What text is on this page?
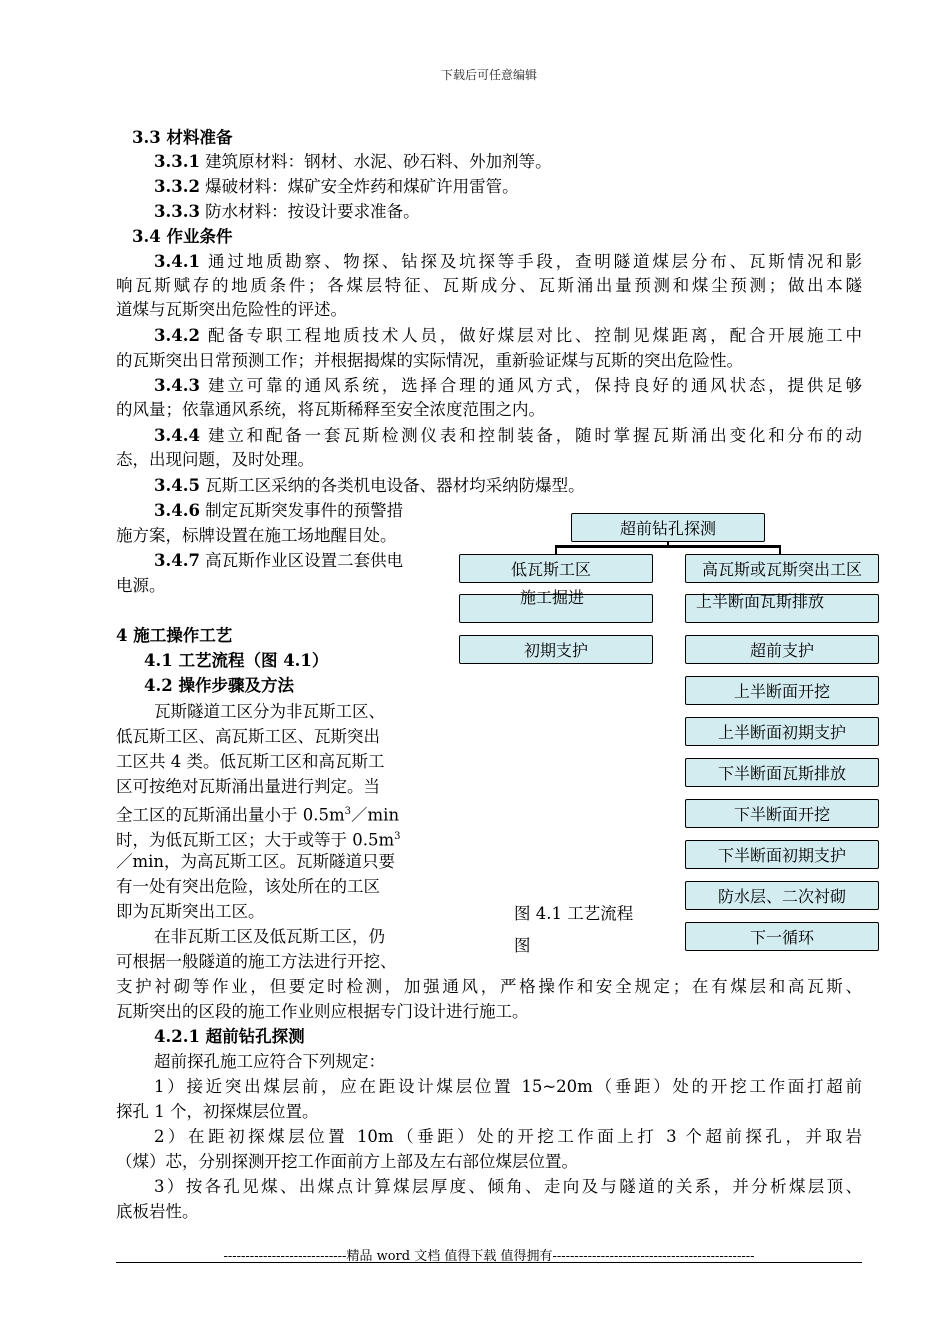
下载后可任意编辑
3.3 材料准备
3.3.1 建筑原材料：钢材、水泥、砂石料、外加剂等。
3.3.2 爆破材料：煤矿安全炸药和煤矿许用雷管。
3.3.3 防水材料：按设计要求准备。
3.4 作业条件
3.4.1 通过地质勘察、物探、钻探及坑探等手段，查明隧道煤层分布、瓦斯情况和影
响瓦斯赋存的地质条件；各煤层特征、瓦斯成分、瓦斯涌出量预测和煤尘预测；做出本隧
道煤与瓦斯突出危险性的评述。
3.4.2 配备专职工程地质技术人员，做好煤层对比、控制见煤距离，配合开展施工中
的瓦斯突出日常预测工作；并根据揭煤的实际情况，重新验证煤与瓦斯的突出危险性。
3.4.3 建立可靠的通风系统，选择合理的通风方式，保持良好的通风状态，提供足够
的风量；依靠通风系统，将瓦斯稀释至安全浓度范围之内。
3.4.4 建立和配备一套瓦斯检测仪表和控制装备，随时掌握瓦斯涌出变化和分布的动
态，出现问题，及时处理。
3.4.5 瓦斯工区采纳的各类机电设备、器材均采纳防爆型。
3.4.6 制定瓦斯突发事件的预警措
施方案，标牌设置在施工场地醒目处。
3.4.7 高瓦斯作业区设置二套供电
电源。
4 施工操作工艺
4.1 工艺流程（图 4.1）
4.2 操作步骤及方法
瓦斯隧道工区分为非瓦斯工区、
低瓦斯工区、高瓦斯工区、瓦斯突出
工区共 4 类。低瓦斯工区和高瓦斯工
区可按绝对瓦斯涌出量进行判定。当
全工区的瓦斯涌出量小于 $0.5m^3/\min$
时，为低瓦斯工区；大于或等于 $0.5m^3$
／min，为高瓦斯工区。瓦斯隧道只要
有一处有突出危险，该处所在的工区
即为瓦斯突出工区。
在非瓦斯工区及低瓦斯工区，仍
可根据一般隧道的施工方法进行开挖、
支护衬砌等作业，但要定时检测，加强通风，严格操作和安全规定；在有煤层和高瓦斯、
瓦斯突出的区段的施工作业则应根据专门设计进行施工。
4.2.1 超前钻孔探测
超前探孔施工应符合下列规定：
1）接近突出煤层前，应在距设计煤层位置 15~20m（垂距）处的开挖工作面打超前
探孔 1 个，初探煤层位置。
2）在距初探煤层位置 10m（垂距）处的开挖工作面上打 3 个超前探孔，并取岩
（煤）芯，分别探测开挖工作面前方上部及左右部位煤层位置。
3）按各孔见煤、出煤点计算煤层厚度、倾角、走向及与隧道的关系，并分析煤层顶、
底板岩性。
超前钻孔探测
低瓦斯工区
施工掘进
初期支护
高瓦斯或瓦斯突出工区
上半断面瓦斯排放
超前支护
上半断面开挖
上半断面初期支护
下半断面瓦斯排放
下半断面开挖
下半断面初期支护
防水层、二次衬砌
下一循环
图 4.1 工艺流程
图
----------------------------精品 word 文档 值得下载 值得拥有----------------------------------------------
